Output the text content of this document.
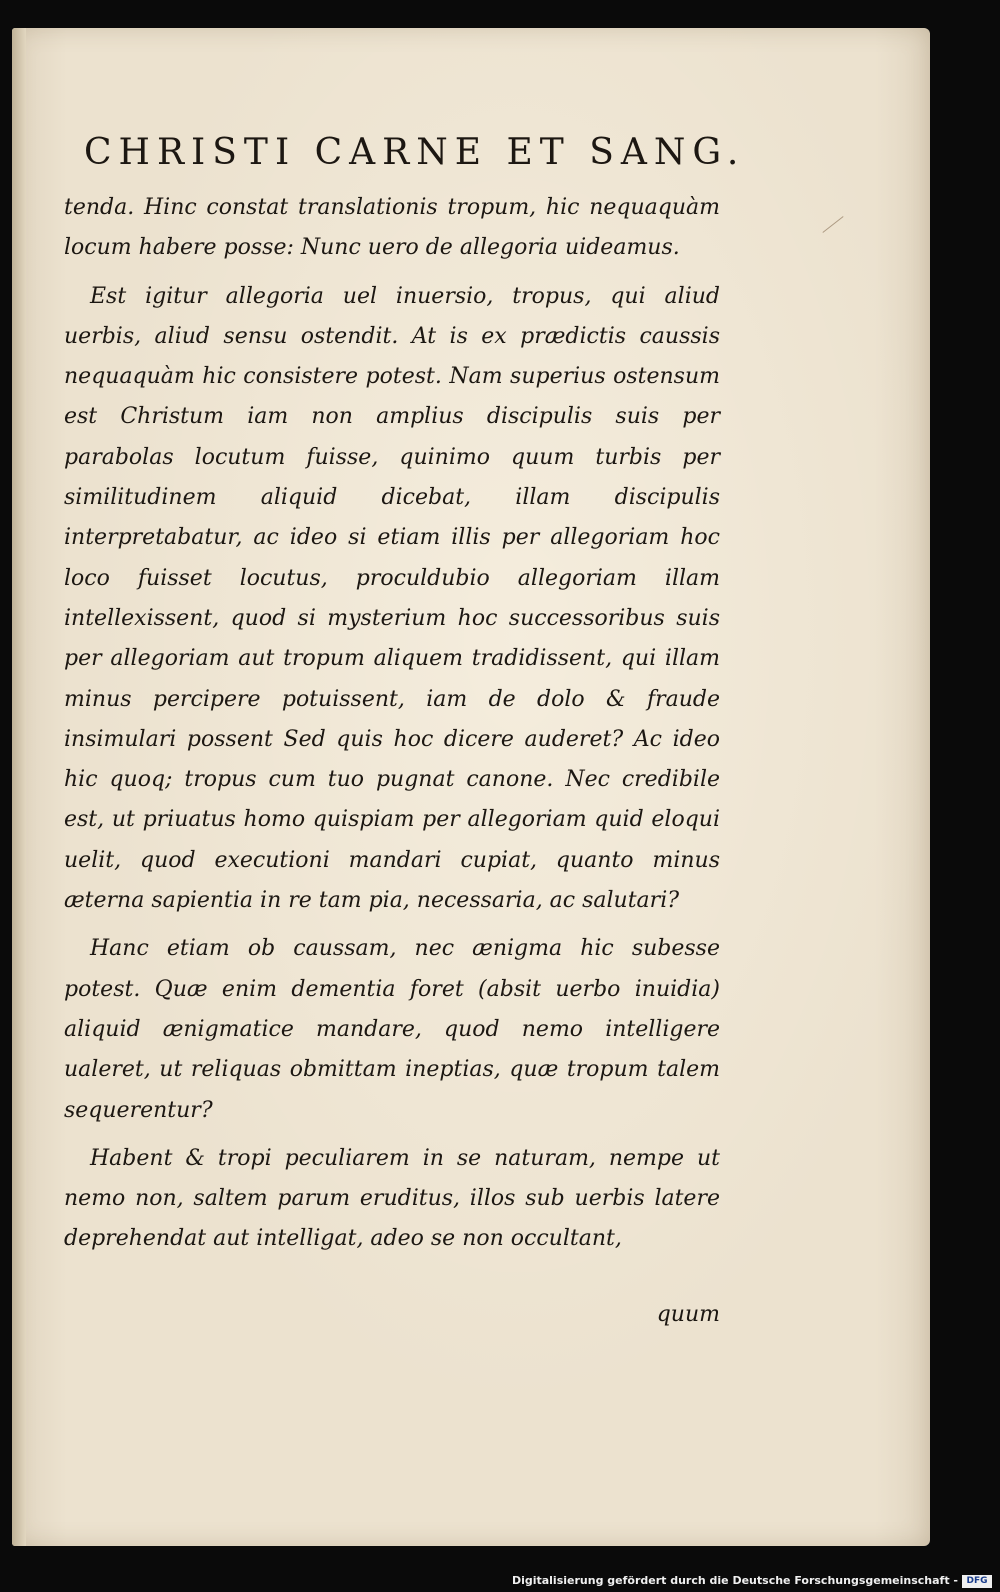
CHRISTI CARNE ET SANG.

tenda. Hinc constat translationis tropum, hic nequaquàm locum habere posse: Nunc uero de allegoria uideamus.

Est igitur allegoria uel inuersio, tropus, qui aliud uerbis, aliud sensu ostendit. At is ex prædictis caussis nequaquàm hic consistere potest. Nam superius ostensum est Christum iam non amplius discipulis suis per parabolas locutum fuisse, quinimo quum turbis per similitudinem aliquid dicebat, illam discipulis interpretabatur, ac ideo si etiam illis per allegoriam hoc loco fuisset locutus, proculdubio allegoriam illam intellexissent, quod si mysterium hoc successoribus suis per allegoriam aut tropum aliquem tradidissent, qui illam minus percipere potuissent, iam de dolo & fraude insimulari possent Sed quis hoc dicere auderet? Ac ideo hic quoq; tropus cum tuo pugnat canone. Nec credibile est, ut priuatus homo quispiam per allegoriam quid eloqui uelit, quod executioni mandari cupiat, quanto minus æterna sapientia in re tam pia, necessaria, ac salutari?

Hanc etiam ob caussam, nec ænigma hic subesse potest. Quæ enim dementia foret (absit uerbo inuidia) aliquid ænigmatice mandare, quod nemo intelligere ualeret, ut reliquas obmittam ineptias, quæ tropum talem sequerentur?

Habent & tropi peculiarem in se naturam, nempe ut nemo non, saltem parum eruditus, illos sub uerbis latere deprehendat aut intelligat, adeo se non occultant,

quum
Digitalisierung gefördert durch die Deutsche Forschungsgemeinschaft - DFG
